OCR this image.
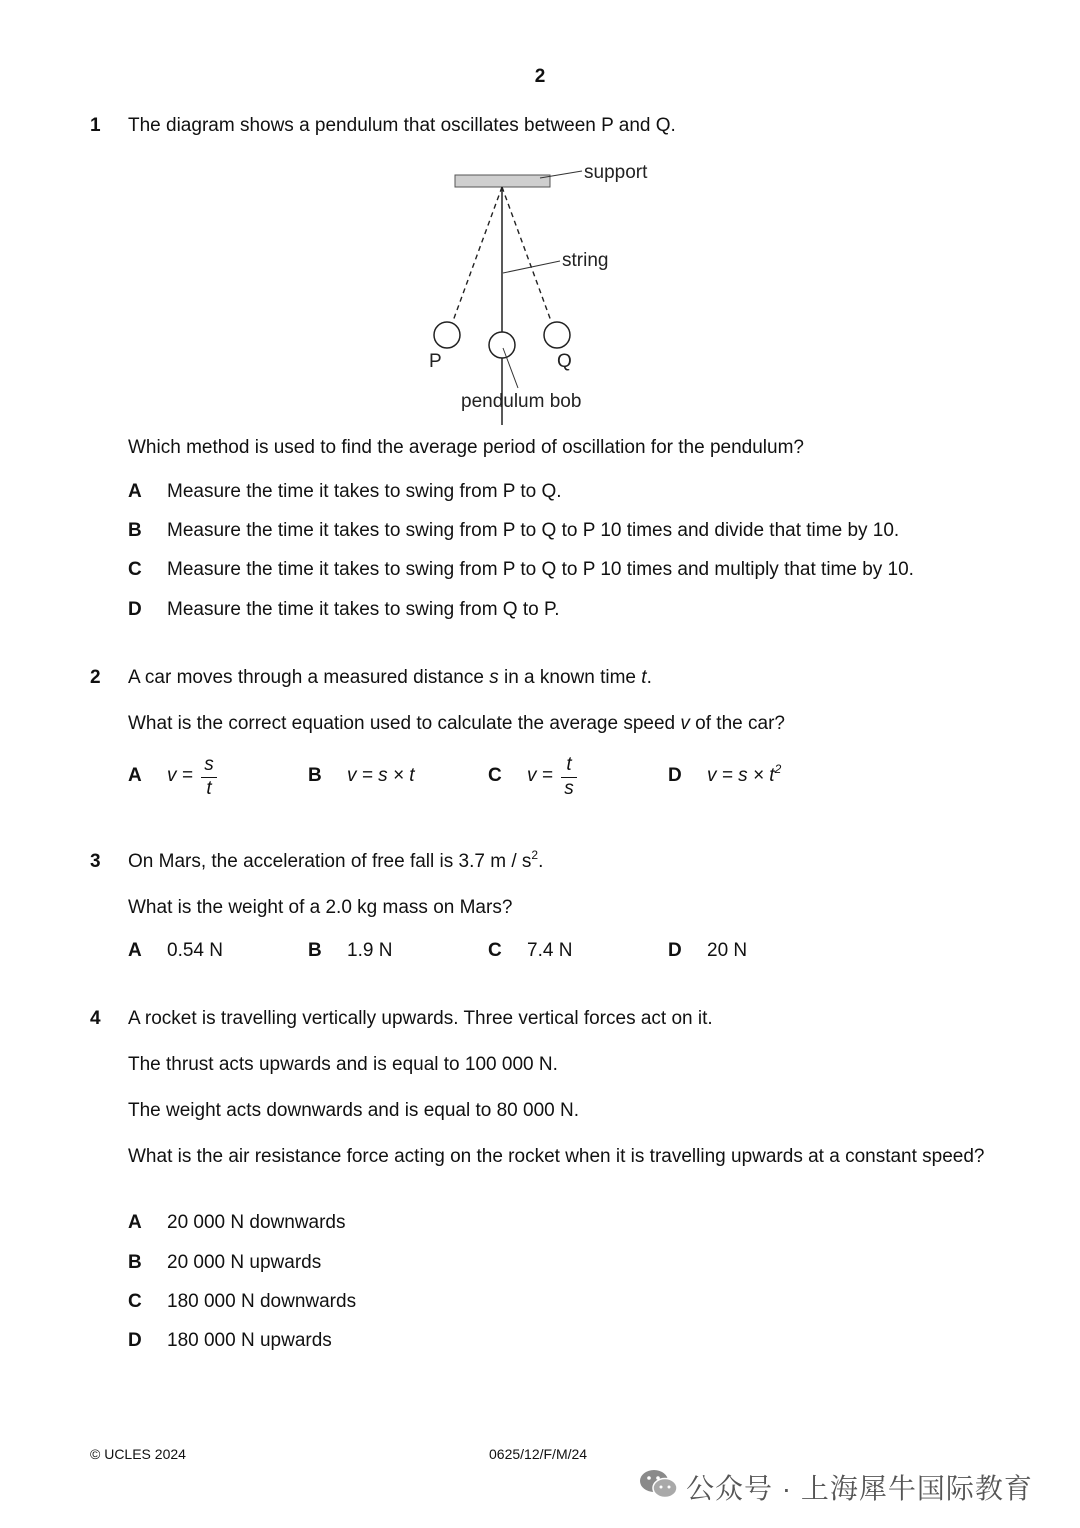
2
1 The diagram shows a pendulum that oscillates between P and Q.
support
string
P	Q
pendulum bob
Which method is used to find the average period of oscillation for the pendulum?
A Measure the time it takes to swing from P to Q.
B Measure the time it takes to swing from P to Q to P 10 times and divide that time by 10.
C Measure the time it takes to swing from P to Q to P 10 times and multiply that time by 10.
D Measure the time it takes to swing from Q to P.
2 A car moves through a measured distance s in a known time t.
What is the correct equation used to calculate the average speed v of the car?
A v =
s
t
B v = s × t	C v =
t
s
D $v = s \times t^2$
3 On Mars, the acceleration of free fall is 3.7 m / $s^2$.
What is the weight of a 2.0 kg mass on Mars?
A 0.54 N	B 1.9 N	C 7.4 N	D 20 N
4 A rocket is travelling vertically upwards. Three vertical forces act on it.
The thrust acts upwards and is equal to 100 000 N.
The weight acts downwards and is equal to 80 000 N.
What is the air resistance force acting on the rocket when it is travelling upwards at a constant speed?
A 20 000 N downwards
B 20 000 N upwards
C 180 000 N downwards
D 180 000 N upwards
© UCLES 2024	0625/12/F/M/24
公众号 · 上海犀牛国际教育
